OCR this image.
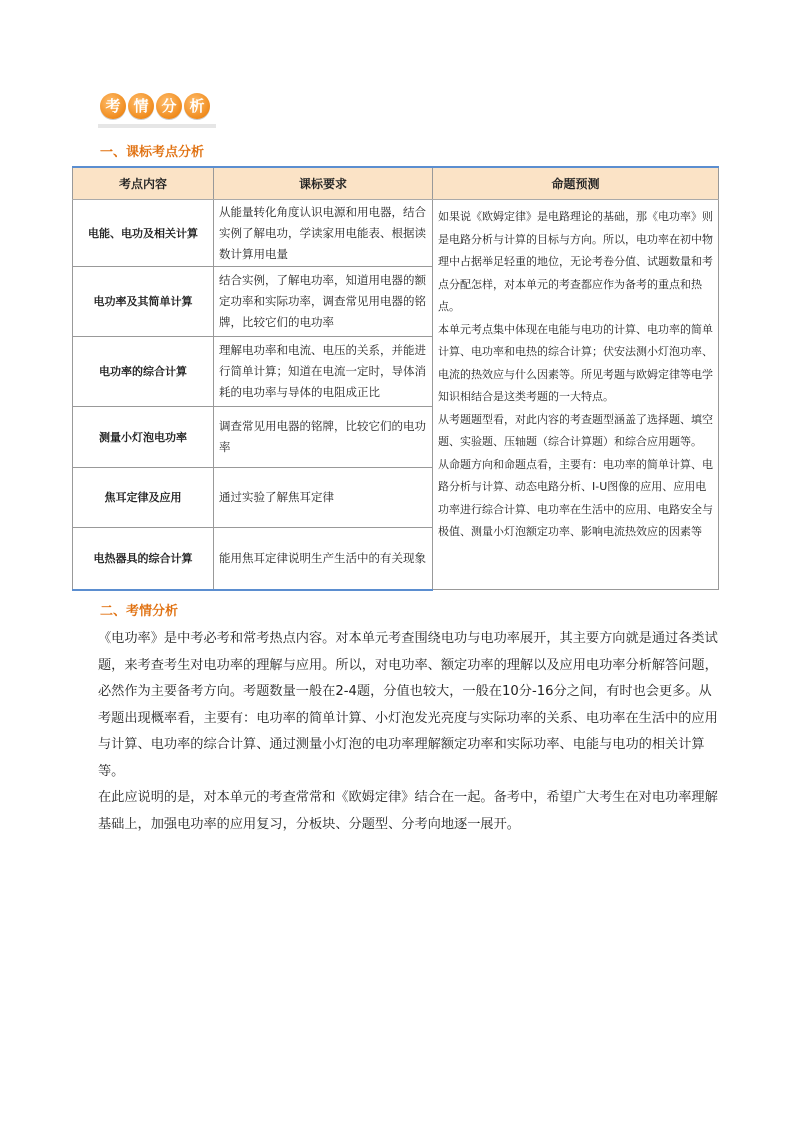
考 情 分 析
一、课标考点分析
考点内容	课标要求	命题预测
电能、电功及相关计算	从能量转化角度认识电源和用电器，结合实例了解电功，学读家用电能表、根据读数计算用电量	如果说《欧姆定律》是电路理论的基础，那《电功率》则是电路分析与计算的目标与方向。所以，电功率在初中物理中占据举足轻重的地位，无论考卷分值、试题数量和考点分配怎样，对本单元的考查都应作为备考的重点和热点。

本单元考点集中体现在电能与电功的计算、电功率的简单计算、电功率和电热的综合计算；伏安法测小灯泡功率、电流的热效应与什么因素等。所见考题与欧姆定律等电学知识相结合是这类考题的一大特点。

从考题题型看，对此内容的考查题型涵盖了选择题、填空题、实验题、压轴题（综合计算题）和综合应用题等。

从命题方向和命题点看，主要有：电功率的简单计算、电路分析与计算、动态电路分析、I-U图像的应用、应用电功率进行综合计算、电功率在生活中的应用、电路安全与极值、测量小灯泡额定功率、影响电流热效应的因素等

电功率及其简单计算	结合实例，了解电功率，知道用电器的额定功率和实际功率，调查常见用电器的铭牌，比较它们的电功率	
电功率的综合计算	理解电功率和电流、电压的关系，并能进行简单计算；知道在电流一定时，导体消耗的电功率与导体的电阻成正比	
测量小灯泡电功率	调查常见用电器的铭牌，比较它们的电功率	
焦耳定律及应用	通过实验了解焦耳定律	
电热器具的综合计算	能用焦耳定律说明生产生活中的有关现象	
二、考情分析

《电功率》是中考必考和常考热点内容。对本单元考查围绕电功与电功率展开，其主要方向就是通过各类试题，来考查考生对电功率的理解与应用。所以，对电功率、额定功率的理解以及应用电功率分析解答问题，必然作为主要备考方向。考题数量一般在2-4题，分值也较大，一般在10分-16分之间，有时也会更多。从考题出现概率看，主要有：电功率的简单计算、小灯泡发光亮度与实际功率的关系、电功率在生活中的应用与计算、电功率的综合计算、通过测量小灯泡的电功率理解额定功率和实际功率、电能与电功的相关计算等。

在此应说明的是，对本单元的考查常常和《欧姆定律》结合在一起。备考中，希望广大考生在对电功率理解基础上，加强电功率的应用复习，分板块、分题型、分考向地逐一展开。
